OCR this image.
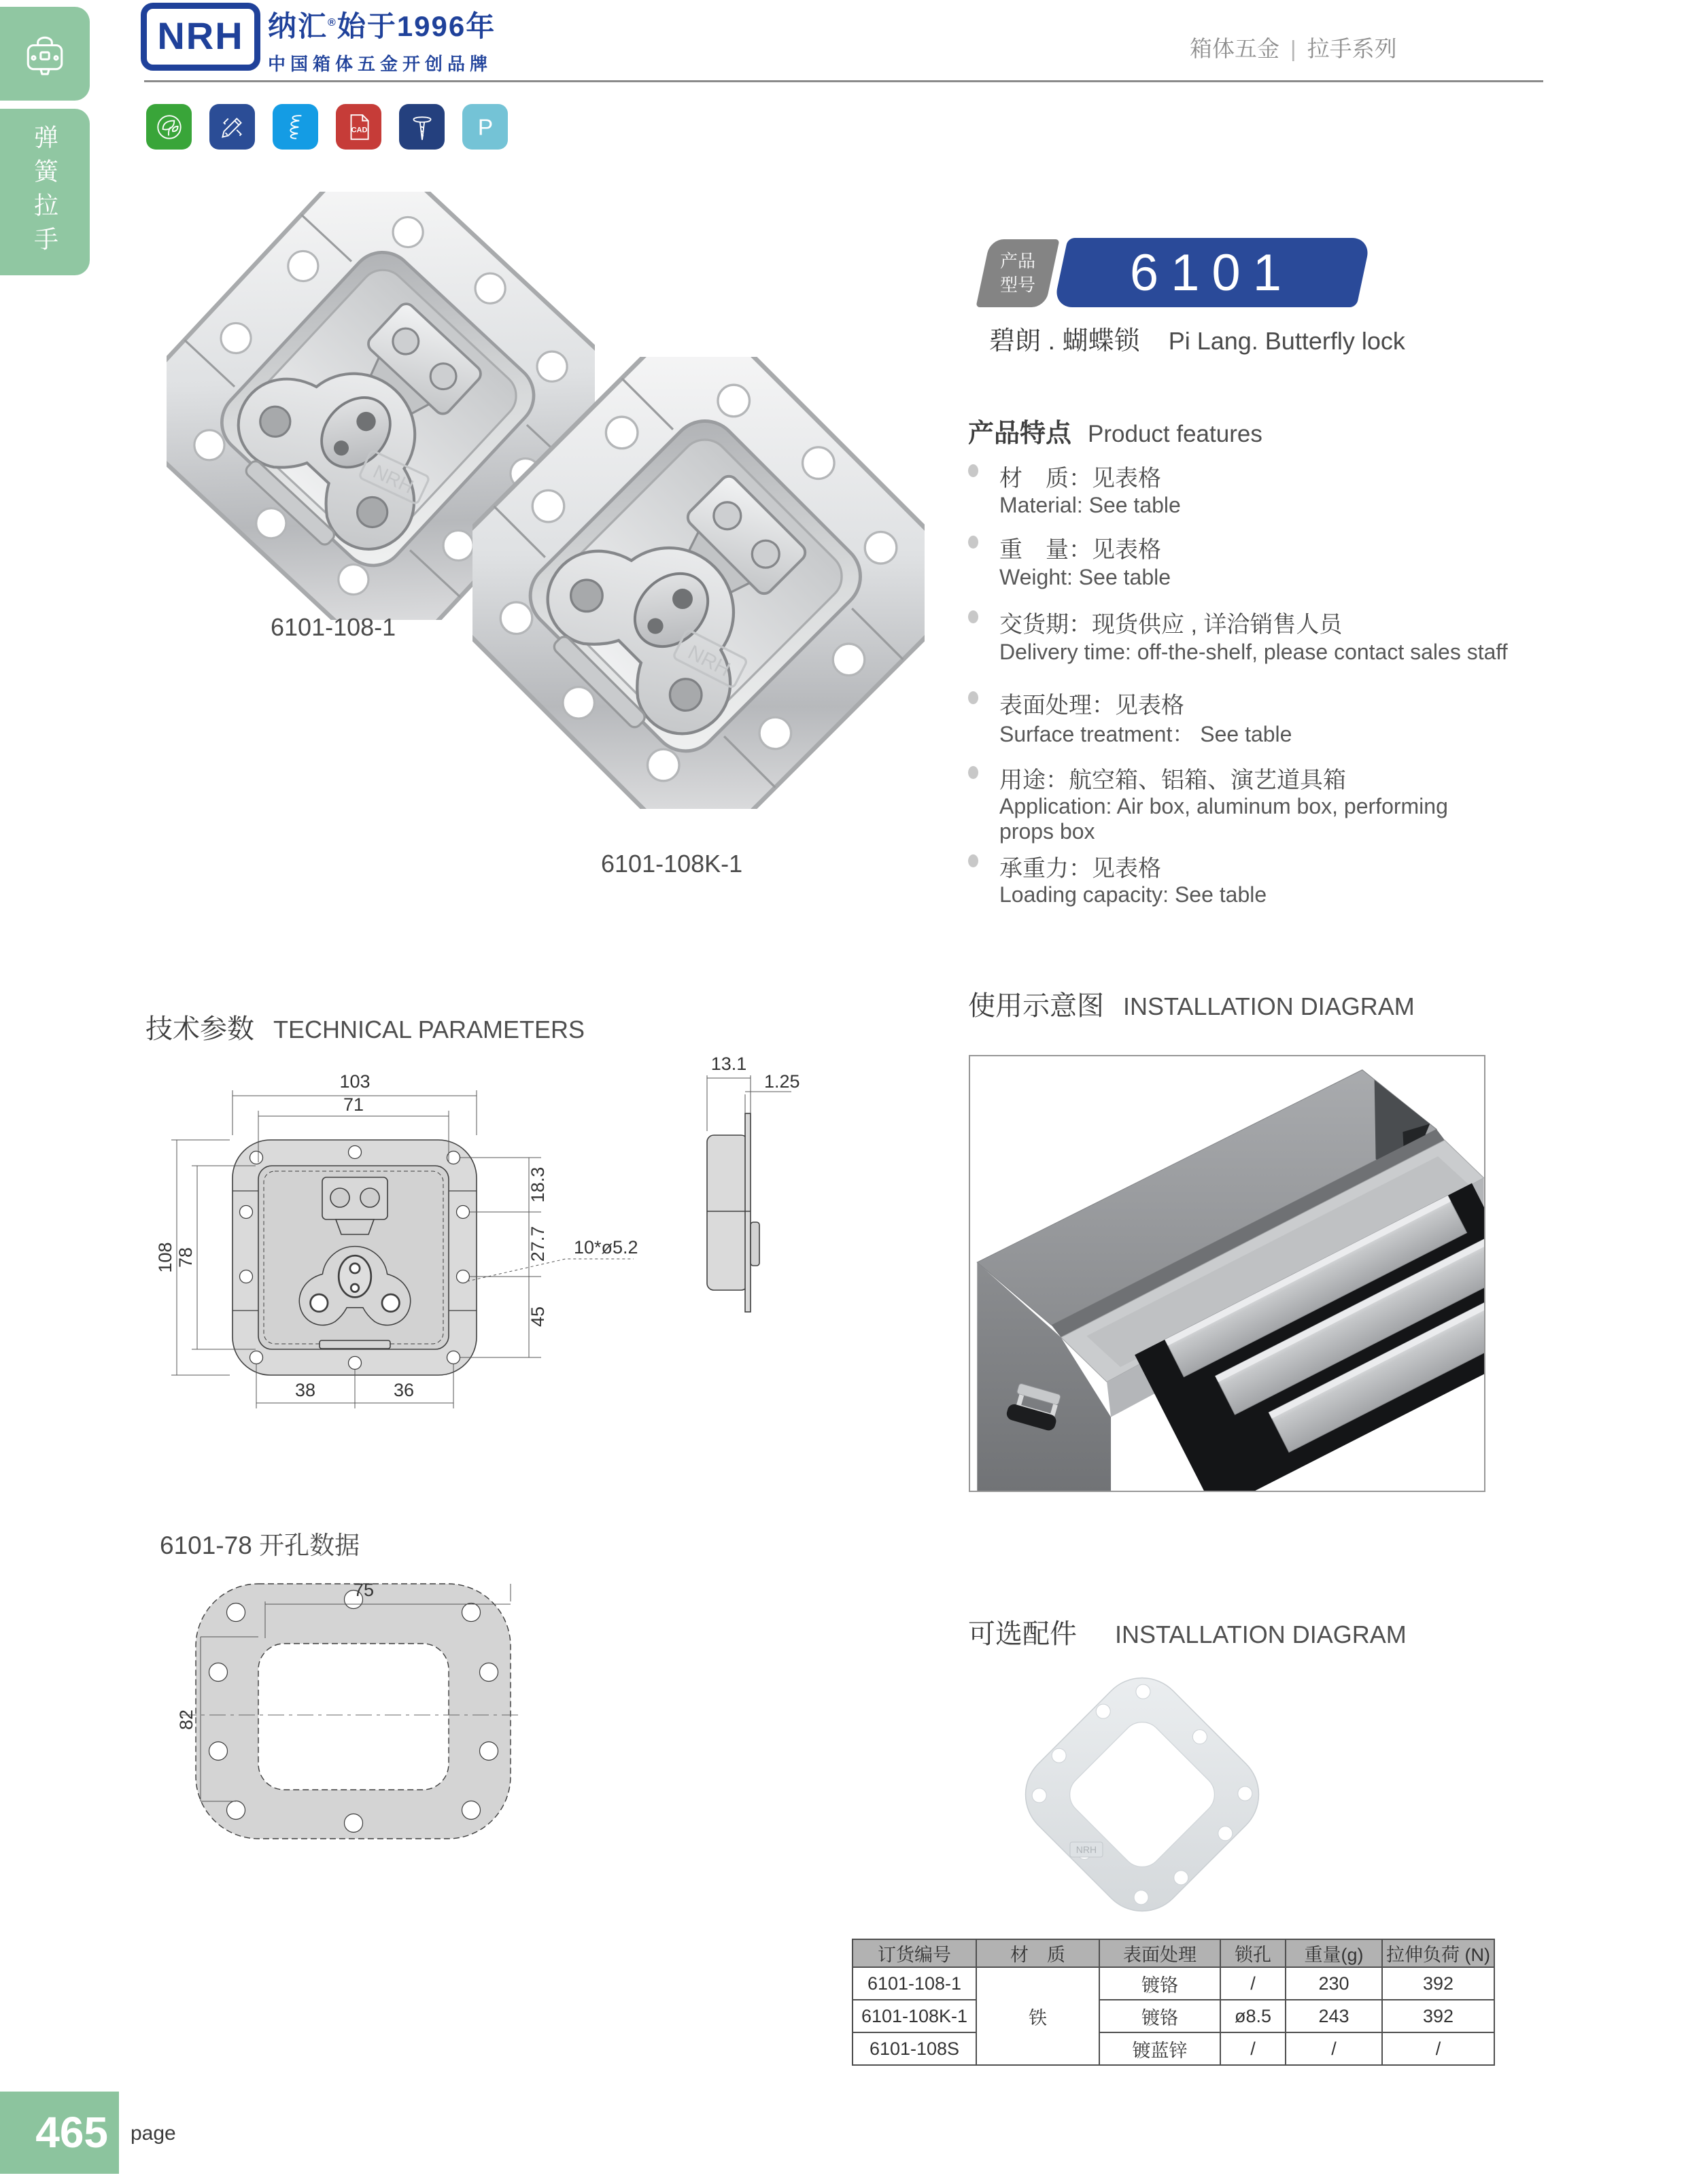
弹簧拉手
NRH 纳汇®始于1996年
中国箱体五金开创品牌
箱体五金 | 拉手系列
CAD	P
6101-108-1
6101-108K-1
产品
型号 6101
碧朗 . 蝴蝶锁 Pi Lang. Butterfly lock
产品特点 Product features
材　质：见表格
Material: See table
重　量：见表格
Weight: See table
交货期：现货供应 , 详洽销售人员
Delivery time: off-the-shelf, please contact sales staff
表面处理：见表格
Surface treatment： See table
用途：航空箱、铝箱、演艺道具箱
Application: Air box, aluminum box, performing
props box
承重力：见表格
Loading capacity: See table
技术参数 TECHNICAL PARAMETERS
103
71
108 78
18.3
27.7
45
38	36
10*ø5.2
13.1
1.25
使用示意图 INSTALLATION DIAGRAM
6101-78 开孔数据
75
82
可选配件 INSTALLATION DIAGRAM
NRH
订货编号	材　质	表面处理	锁孔	重量(g)	拉伸负荷 (N)
6101-108-1	铁	镀铬	/	230	392
6101-108K-1		镀铬	ø8.5	243	392
6101-108S		镀蓝锌	/	/	/
465	page
